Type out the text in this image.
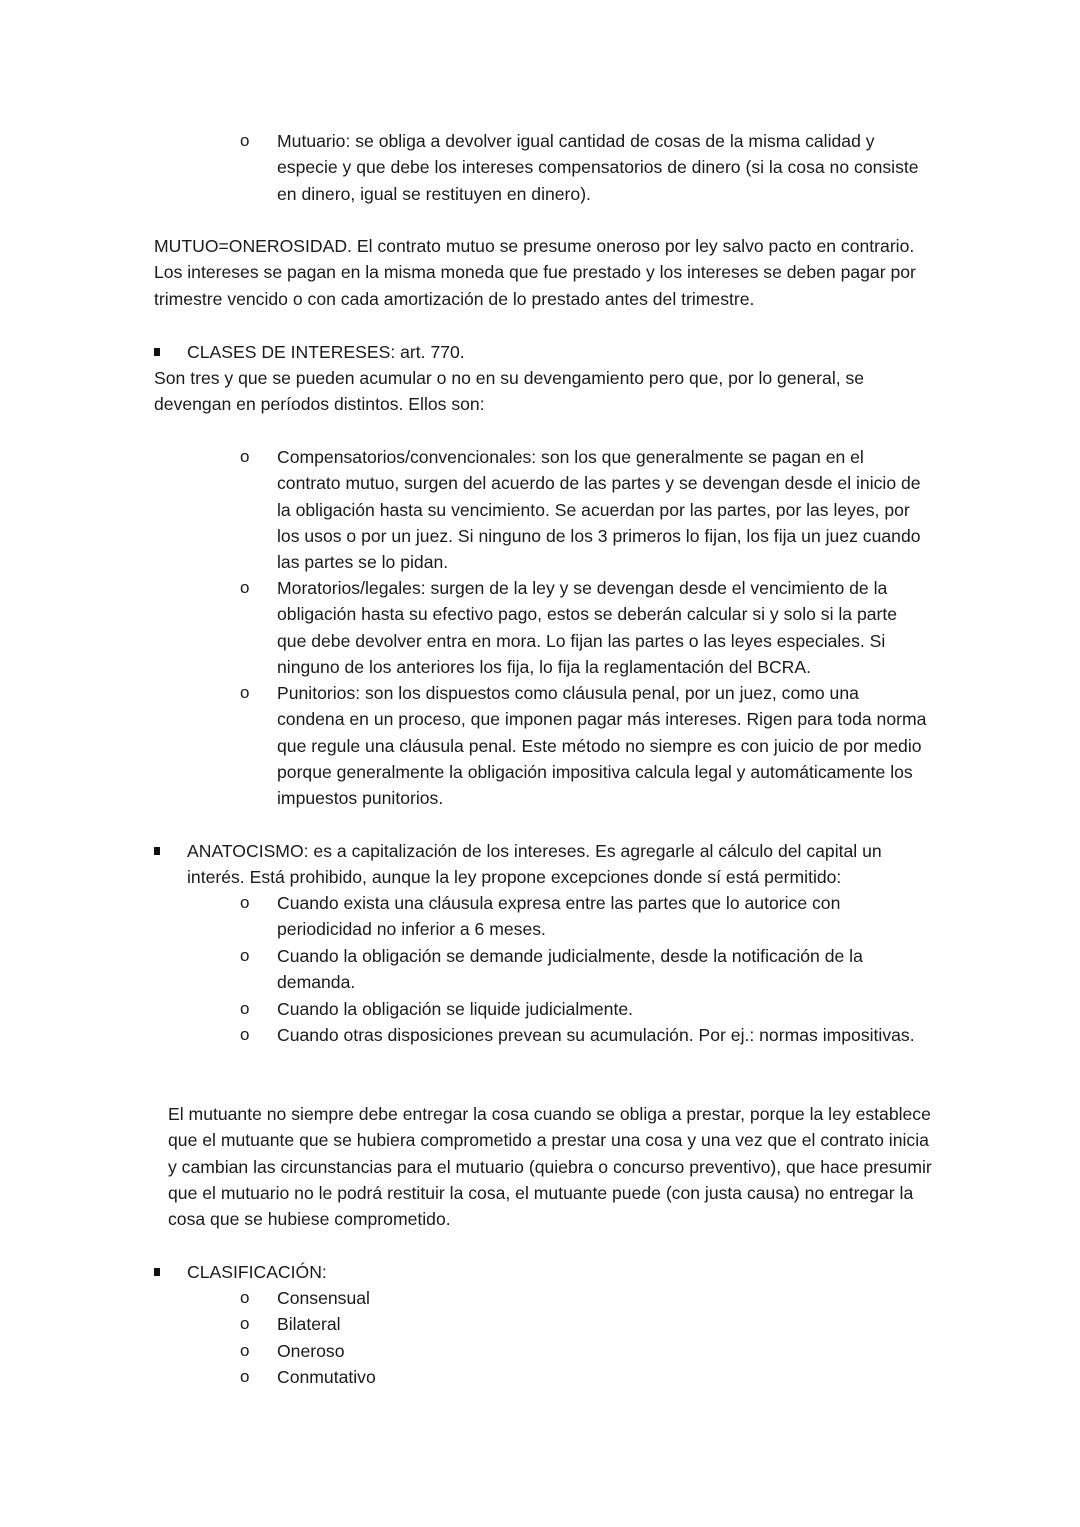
o	Mutuario: se obliga a devolver igual cantidad de cosas de la misma calidad y especie y que debe los intereses compensatorios de dinero (si la cosa no consiste en dinero, igual se restituyen en dinero).

MUTUO=ONEROSIDAD. El contrato mutuo se presume oneroso por ley salvo pacto en contrario. Los intereses se pagan en la misma moneda que fue prestado y los intereses se deben pagar por trimestre vencido o con cada amortización de lo prestado antes del trimestre.

CLASES DE INTERESES: art. 770.

Son tres y que se pueden acumular o no en su devengamiento pero que, por lo general, se devengan en períodos distintos. Ellos son:

o	Compensatorios/convencionales: son los que generalmente se pagan en el contrato mutuo, surgen del acuerdo de las partes y se devengan desde el inicio de la obligación hasta su vencimiento. Se acuerdan por las partes, por las leyes, por los usos o por un juez. Si ninguno de los 3 primeros lo fijan, los fija un juez cuando las partes se lo pidan.
o	Moratorios/legales: surgen de la ley y se devengan desde el vencimiento de la obligación hasta su efectivo pago, estos se deberán calcular si y solo si la parte que debe devolver entra en mora. Lo fijan las partes o las leyes especiales. Si ninguno de los anteriores los fija, lo fija la reglamentación del BCRA.
o	Punitorios: son los dispuestos como cláusula penal, por un juez, como una condena en un proceso, que imponen pagar más intereses. Rigen para toda norma que regule una cláusula penal. Este método no siempre es con juicio de por medio porque generalmente la obligación impositiva calcula legal y automáticamente los impuestos punitorios.
ANATOCISMO: es a capitalización de los intereses. Es agregarle al cálculo del capital un interés. Está prohibido, aunque la ley propone excepciones donde sí está permitido:
o	Cuando exista una cláusula expresa entre las partes que lo autorice con periodicidad no inferior a 6 meses.
o	Cuando la obligación se demande judicialmente, desde la notificación de la demanda.
o	Cuando la obligación se liquide judicialmente.
o	Cuando otras disposiciones prevean su acumulación. Por ej.: normas impositivas.

El mutuante no siempre debe entregar la cosa cuando se obliga a prestar, porque la ley establece que el mutuante que se hubiera comprometido a prestar una cosa y una vez que el contrato inicia y cambian las circunstancias para el mutuario (quiebra o concurso preventivo), que hace presumir que el mutuario no le podrá restituir la cosa, el mutuante puede (con justa causa) no entregar la cosa que se hubiese comprometido.

CLASIFICACIÓN:
o	Consensual
o	Bilateral
o	Oneroso
o	Conmutativo
